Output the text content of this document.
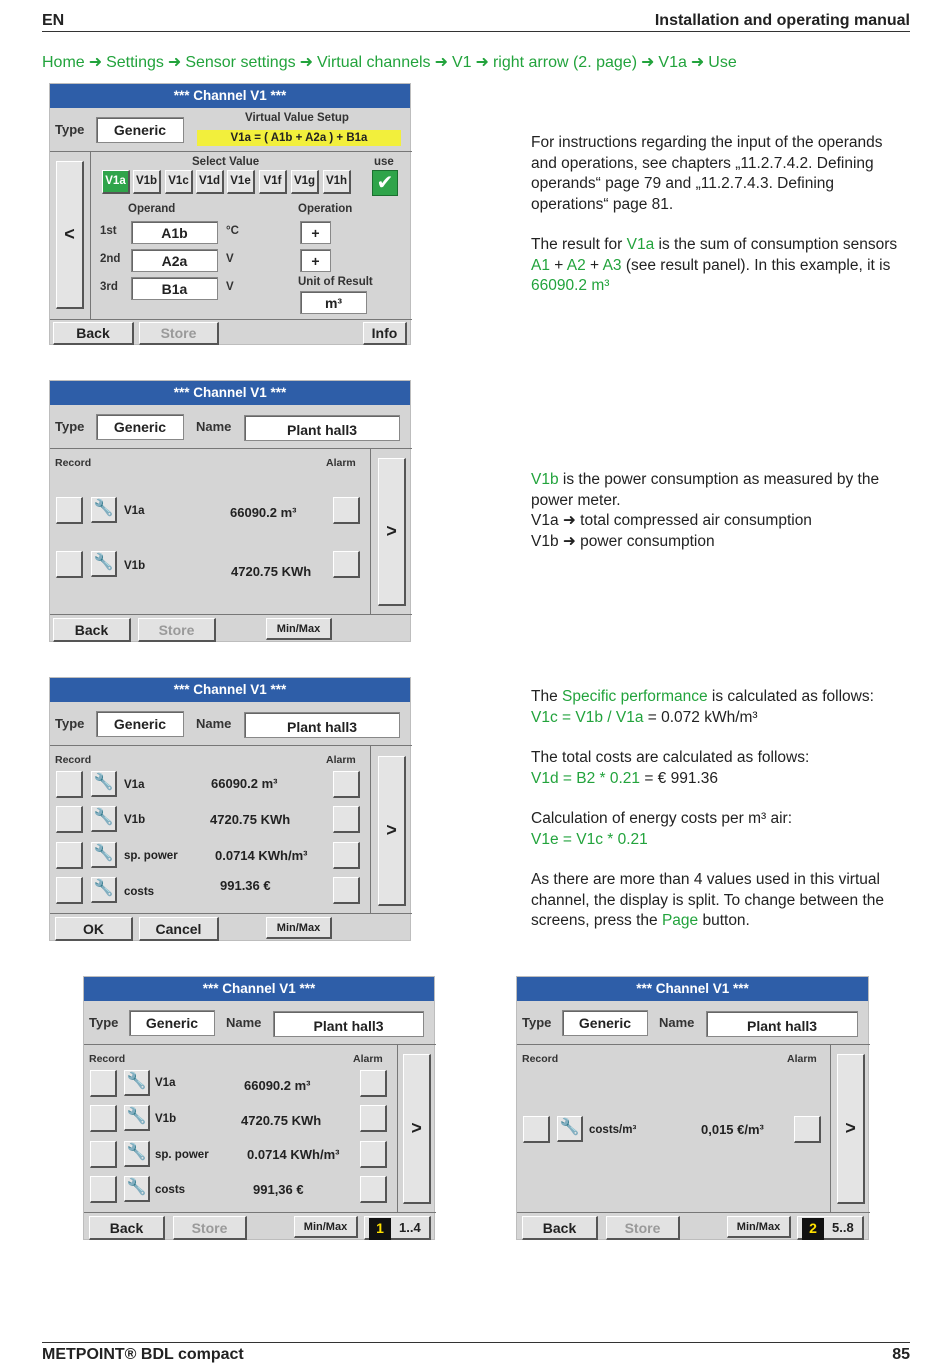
EN	Installation and operating manual
Home ➜ Settings ➜ Sensor settings ➜ Virtual channels ➜ V1 ➜ right arrow (2. page) ➜ V1a ➜ Use
*** Channel V1 ***
Type	Generic
Virtual Value Setup
V1a = ( A1b + A2a ) + B1a
<
Select Value	use
V1a V1b V1c V1d V1e	V1f	V1g V1h ✔
Operand	Operation
1st	A1b	°C	+
2nd	A2a	V	+
Unit of Result
3rd	B1a	V
m³
Back	Store	Info

For instructions regarding the input of the operands and operations, see chapters „11.2.7.4.2. Defining operands“ page 79 and „11.2.7.4.3. Defining operations“ page 81.

The result for V1a is the sum of consumption sensors A1 + A2 + A3 (see result panel). In this example, it is 66090.2 m³

*** Channel V1 ***
Type	Generic	Name	Plant hall3
Record	Alarm
>
🔧 V1a	66090.2 m³
🔧 V1b	4720.75 KWh
Back	Store	Min/Max

V1b is the power consumption as measured by the power meter.

V1a ➜ total compressed air consumption

V1b ➜ power consumption

*** Channel V1 ***
Type	Generic	Name	Plant hall3
Record	Alarm
>
🔧 V1a	66090.2 m³
🔧 V1b	4720.75 KWh
🔧 sp. power	0.0714 KWh/m³
🔧 costs	991.36 €
OK	Cancel	Min/Max

The Specific performance is calculated as follows:
V1c = V1b / V1a = 0.072 kWh/m³

The total costs are calculated as follows:
V1d = B2 * 0.21 = € 991.36

Calculation of energy costs per m³ air:
V1e = V1c * 0.21

As there are more than 4 values used in this virtual channel, the display is split. To change between the screens, press the Page button.

*** Channel V1 ***
Type	Generic	Name	Plant hall3
Record	Alarm
>
🔧 V1a	66090.2 m³
🔧 V1b	4720.75 KWh
🔧 sp. power	0.0714 KWh/m³
🔧 costs	991,36 €
Back	Store	Min/Max	1	1..4
*** Channel V1 ***
Type	Generic	Name	Plant hall3
Record	Alarm
>
🔧 costs/m³	0,015 €/m³
Back	Store	Min/Max	2	5..8
METPOINT® BDL compact	85
